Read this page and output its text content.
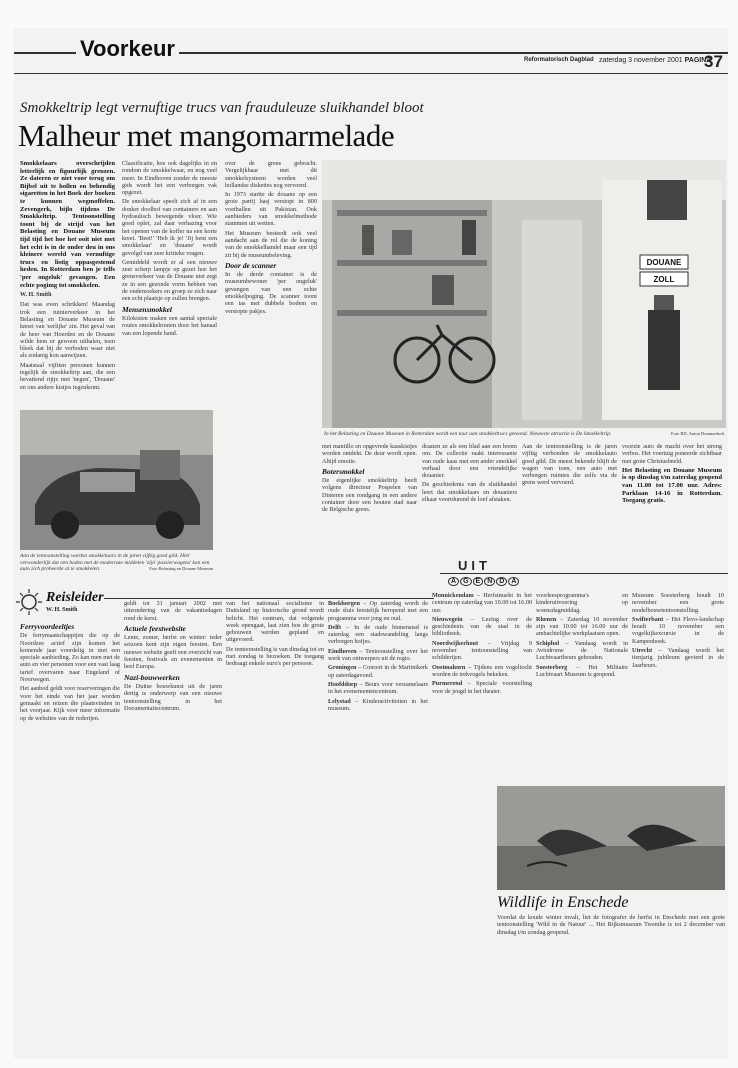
Voorkeur	Reformatorisch Dagblad zaterdag 3 november 2001 PAGINA
37
Smokkeltrip legt vernuftige trucs van frauduleuze sluikhandel bloot
Malheur met mangomarmelade

Smokkelaars overschrijden letterlijk en figuurlijk grenzen. Ze dateren er niet voor terug om Bijbel uit te hollen en behendig sigaretten in het Boek der boeken te kunnen wegmoffelen. Zevengerk, bijlo tijdens De Smokkeltrip. Tentoonstelling toont bij de strijd van het Belasting en Douane Museum tijd tijd het hoe het ooit niet met het echt is in de onder deu in ons kleinere wereld van vernuftige trucs en listig oppasgestemd heden. In Rotterdam ben je telfs 'per ongeluk' gevangen. Een echte pogimg tot smokkelen.

W. H. Smith

Dat was even schrikken! Maandag trok een tuinierverkeer in het Belasting en Douane Museum de knoei van 'eerlijke' zin. Het geval van de heer van Hoerden en de Douane wilde hem er gewoon uithalen, toen bleek dat hij de verboden waar niet als zodanig kon aanwijzen.

Maatstaal vijftien personen kunnen tegelijk de smokkeltrip aan, die een bevattend rijtje met 'negen', 'Douane' en ons andere kistjes tegenkomt.

Classificatie, hoe ook dagelijks in en rondom de smokkelwaar, en nog veel meer. In Eindhoven zonder de meeste gids wordt het een verborgen vak opgezet.

De smokkelaar speelt zich af in een donker doolhof van containers en aan hydraulisch bewegende vloer. Wie goed oplet, zal daar verbazing voor het openen van de koffer na een korte kreet. 'Beet!' 'Heb ik je! 'Jij bent een smokkelaar' en 'douane' wordt gevolgd van zeer kritieke vragen.

Gemiddeld wordt er al een nieuwe zeer scherp lampje op gezet hoe het grensverkeer van de Douane niet zegt ze in een gezonde vorm hebben van de onderzoekers en groep ze zich naar een echt plaatsje op zullen brengen.

Mensensmokkel

Kilokisten maken een aantal speciale routes smokkelrouten door het kanaal van een lopende band.

over de grens gebracht. Vergelijkbaar met dit smokkelsysteem worden veel hollandse diskettes nog vervoerd.

In 1973 startte de douane op een grote partij hasj verstopt in 800 voetballen uit Pakistan. Ook aanbieders van smokkelmethode stammen uit wetten.

Het Museum besteedt ook veel aandacht aan de rol die de koning van de smokkelhandel maar een tijd zit bij de museumbeleving.

Door de scanner

In de derde container is de museumbewoner 'per ongeluk' gevangen van een echte smokkelpoging. De scanner toont een tas met dubbele bodem en verstopte pakjes.

Aan de tentoonstelling worden smokkelaars in de jaren vijftig goed gild. Hier verwonderlijk dat een boden met de modernste middelen 'zijn' passierwagens' kan een auto zich probeerde al te smokkelen.	Foto Belasting en Douane Museum
DOUANE
ZOLL
In het Belasting en Douane Museum in Rotterdam wordt een tour aan smokkeltrucs getoond. Nieuwste attractie is De Smokkeltrip.	Foto RD, Anton Dommerholt

met mantillo en opgevrede kaaskistjes worden ontdekt. De deur wordt open. Altijd emotie.

Botersmokkel

De eigenlijke smokkeltrip heeft volgens directeur Pospelen van Dinteren een rondgang in een andere container door een houten stad naar de Belgische grens.

draaien ze als een blad aan een boom om. De collectie raakt interessante van oude kaas met een ander smokkel verhaal door een vriendelijke douanier.

De geschiedenis van de sluikhandel leert dat smokkelaars en douaniers elkaar voortdurend de loef afstaken.

Aan de tentoonstelling is de jaren vijftig verbonden de smokkelauto goed gild. De meest bekende blijft de wagen van toen, een auto met verborgen ruimtes die zelfs via de grens werd vervoerd.

voorzie auto de macht over het streng verbos. Het voertuig poneerde zichtbaar met grote Christusbeeld.

Het Belasting en Douane Museum is op dinsdag t/m zaterdag geopend van 11.00 tot 17.00 uur. Adres: Parklaan 14-16 in Rotterdam. Toegang gratis.

Reisleider
W. H. Smith

Ferryvoordeeltjes

De ferrymaatschappijen die op de Noordzee actief zijn komen het komende jaar voordelig in met een speciale aanbieding. Zo kan men met de auto en vier personen voor een vast laag tarief overvaren naar Engeland of Noorwegen.

Het aanbod geldt voor reserveringen die voor het einde van het jaar worden gemaakt en reizen die plaatsvinden in het voorjaar. Kijk voor meer informatie op de websites van de rederijen.

geldt tot 31 januari 2002 met uitzondering van de vakantiedagen rond de kerst.

Actuele feestwebsite

Lente, zomer, herfst en winter: ieder seizoen kent zijn eigen feesten. Een nieuwe website geeft een overzicht van feesten, festivals en evenementen in heel Europa.

Nazi-bouwwerken

De Duitse bouwkunst uit de jaren dertig is onderwerp van een nieuwe tentoonstelling in het Documentatiecentrum.

van het nationaal socialisme in Duitsland op historische grond wordt belicht. Het centrum, dat volgende week opengaat, laat zien hoe de grote gebouwen werden gepland en uitgevoerd.

De tentoonstelling is van dinsdag tot en met zondag te bezoeken. De toegang bedraagt enkele euro's per persoon.

UIT
A G E N D A

Boekhorgen – Op zaterdag wordt de oude sluis feestelijk heropend met een programma voor jong en oud.

Delft – In de oude binnenstad is zaterdag een stadswandeling langs verborgen hofjes.

Eindhoven – Tentoonstelling over het werk van ontwerpers uit de regio.

Groningen – Concert in de Martinikerk op zaterdagavond.

Hoofddorp – Beurs voor verzamelaars in het evenementencentrum.

Lelystad – Kinderactiviteiten in het museum.

Monnickendam – Herfstmarkt in het centrum op zaterdag van 10.00 tot 16.00 uur.

Nieuwegein – Lezing over de geschiedenis van de stad in de bibliotheek.

Noordwijkerhout – Vrijdag 9 november tentoonstelling van schilderijen.

Oostmahorn – Tijdens een vogeltocht worden de trekvogels bekeken.

Purmerend – Speciale voorstelling voor de jeugd in het theater.

voorleesprogramma's en kinderuitvoering op woensdagmiddag.

Rhenen – Zaterdag 10 november zijn van 10.00 tot 16.00 uur de ambachtelijke werkplaatsen open.

Schiphol – Vandaag wordt in Aviodrome de Nationale Luchtvaartbeurs gehouden.

Soesterberg – Het Militaire Luchtvaart Museum is geopend.

Museum Soesterberg houdt 10 november een grote modelbouwtentoonstelling.

Swifterbant – Het Flevo-landschap houdt 10 november een vogelkijkexcursie in de Kampenhoek.

Utrecht – Vandaag wordt het tienjarig jubileum gevierd in de Jaarbeurs.

Wildlife in Enschede

Voordat de koude winter invalt, liet de fotografer de herfst in Enschede met een grote tentoonstelling 'Wild in de Natuur' ... Het Rijksmuseum Twenthe is tot 2 december van dinsdag t/m zondag geopend.
